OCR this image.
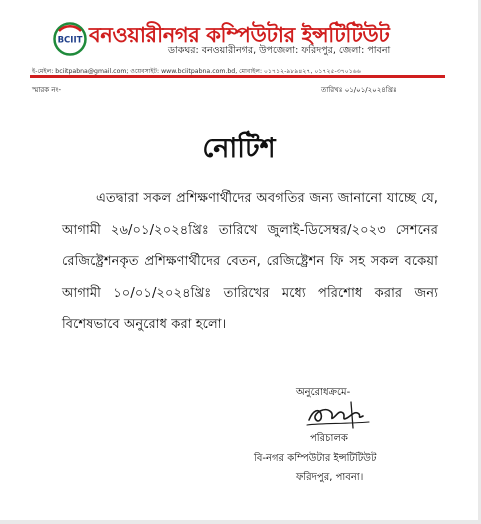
BCIIT বনওয়ারীনগর কম্পিউটার ইন্সটিটিউট
ডাকঘর: বনওয়ারীনগর, উপজেলা: ফরিদপুর, জেলা: পাবনা
ই-মেইল: bciitpabna@gmail.com; ওয়েবসাইট: www.bciitpabna.com.bd, মোবাইল: ০১৭১২-৯৮৯৪২৭, ০১৭২৫-৩৭০১৬৬
স্মারক নং-	তারিখঃ ০১/০১/২০২৪খ্রিঃ
নোটিশ

এতদ্বারা সকল প্রশিক্ষণার্থীদের অবগতির জন্য জানানো যাচ্ছে যে, আগামী ২৬/০১/২০২৪খ্রিঃ তারিখে জুলাই-ডিসেম্বর/২০২৩ সেশনের রেজিষ্ট্রেশনকৃত প্রশিক্ষণার্থীদের বেতন, রেজিষ্ট্রেশন ফি সহ সকল বকেয়া আগামী ১০/০১/২০২৪খ্রিঃ তারিখের মধ্যে পরিশোধ করার জন্য বিশেষভাবে অনুরোধ করা হলো।

অনুরোধক্রমে-
পরিচালক
বি-নগর কম্পিউটার ইন্সটিটিউট
ফরিদপুর, পাবনা।
